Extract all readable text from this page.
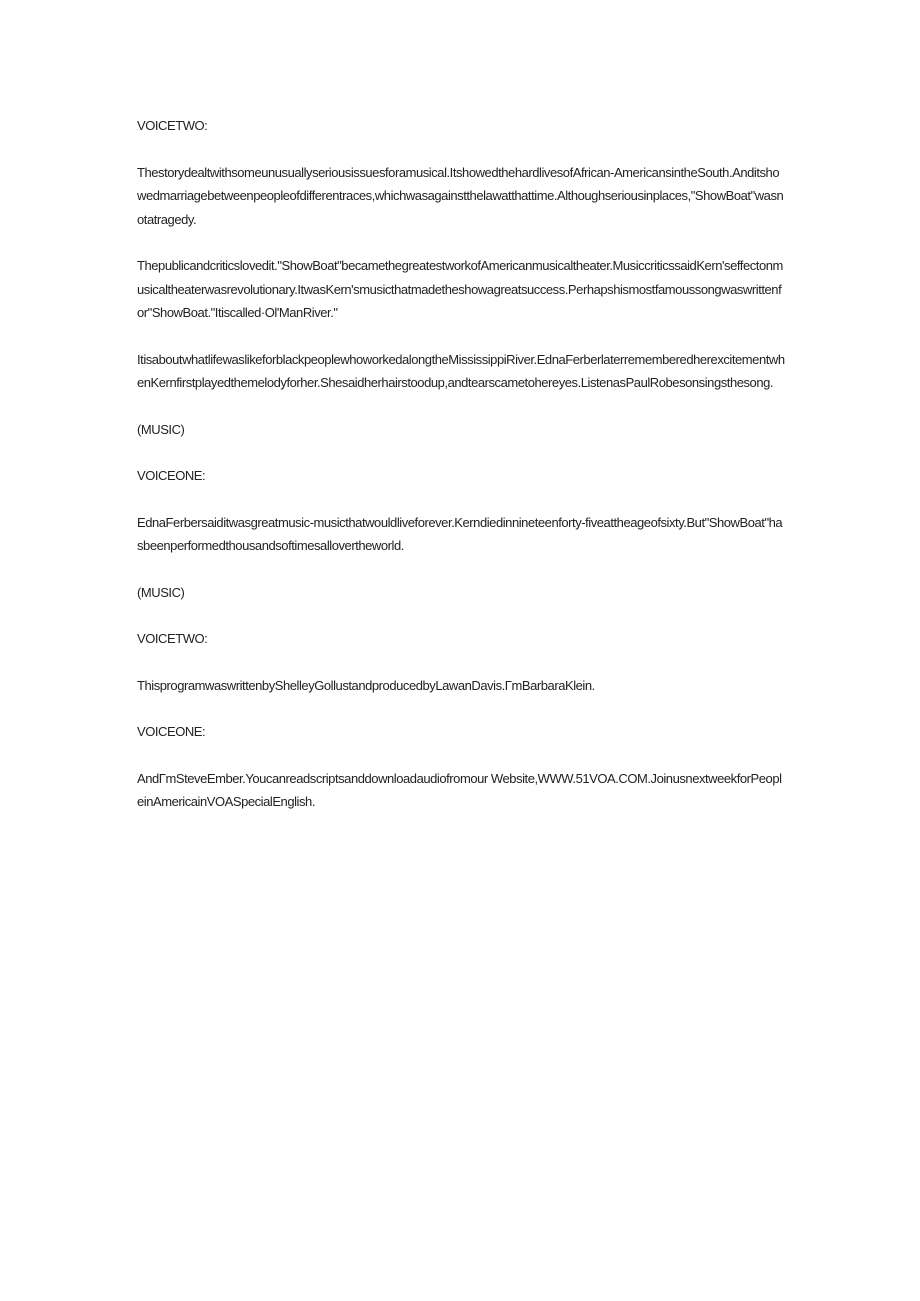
VOICETWO:

Thestorydealtwithsomeunusuallyseriousissuesforamusical.ItshowedthehardlivesofAfrican-AmericansintheSouth.Anditshowedmarriagebetweenpeopleofdifferentraces,whichwasagainstthelawatthattime.Althoughseriousinplaces,"ShowBoat"wasnotatragedy.

Thepublicandcriticslovedit."ShowBoat"becamethegreatestworkofAmericanmusicaltheater.MusiccriticssaidKern'seffectonmusicaltheaterwasrevolutionary.ItwasKern'smusicthatmadetheshowagreatsuccess.Perhapshismostfamoussongwaswrittenfor"ShowBoat."Itiscalled·Ol'ManRiver."

ItisaboutwhatlifewaslikeforblackpeoplewhoworkedalongtheMississippiRiver.EdnaFerberlaterrememberedherexcitementwhenKernfirstplayedthemelodyforher.Shesaidherhairstoodup,andtearscametohereyes.ListenasPaulRobesonsingsthesong.

(MUSIC)

VOICEONE:

EdnaFerbersaiditwasgreatmusic-musicthatwouldliveforever.Kerndiedinnineteenforty-fiveattheageofsixty.But"ShowBoat"hasbeenperformedthousandsoftimesallovertheworld.

(MUSIC)

VOICETWO:

ThisprogramwaswrittenbyShelleyGollustandproducedbyLawanDavis.ΓmBarbaraKlein.

VOICEONE:

AndΓmSteveEmber.Youcanreadscriptsanddownloadaudiofromour Website,WWW.51VOA.COM.JoinusnextweekforPeopleinAmericainVOASpecialEnglish.
